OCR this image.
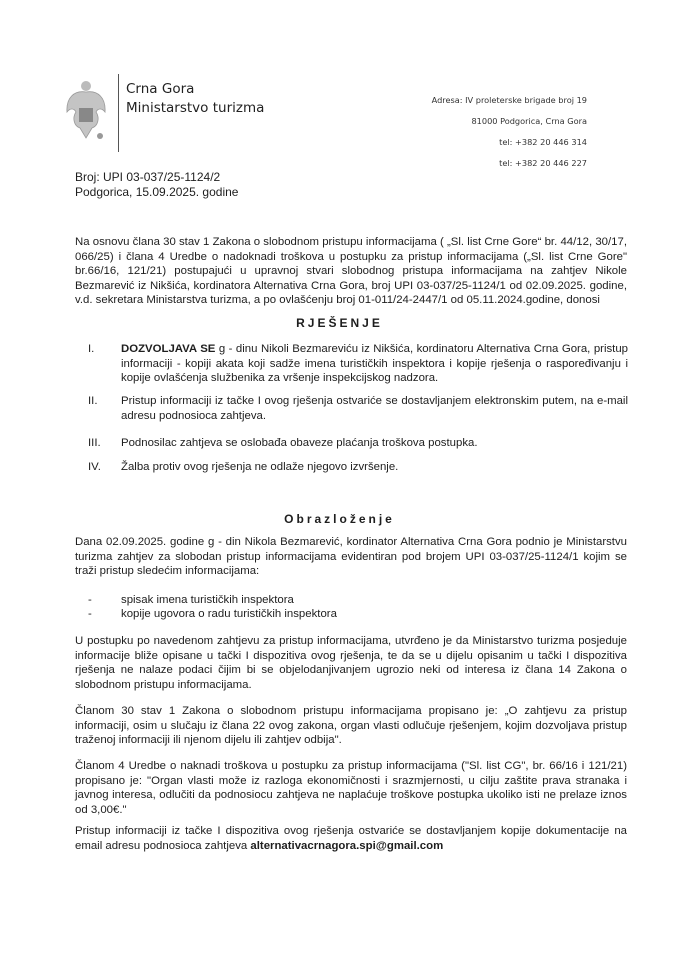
Crna Gora
Ministarstvo turizma	Adresa: IV proleterske brigade broj 19
81000 Podgorica, Crna Gora
tel: +382 20 446 314
tel: +382 20 446 227
Broj: UPI 03-037/25-1124/2
Podgorica, 15.09.2025. godine
Na osnovu člana 30 stav 1 Zakona o slobodnom pristupu informacijama ( „Sl. list Crne Gore“ br. 44/12, 30/17, 066/25) i člana 4 Uredbe o nadoknadi troškova u postupku za pristup informacijama („Sl. list Crne Gore" br.66/16, 121/21) postupajući u upravnoj stvari slobodnog pristupa informacijama na zahtjev Nikole Bezmarević iz Nikšića, kordinatora Alternativa Crna Gora, broj UPI 03-037/25-1124/1 od 02.09.2025. godine, v.d. sekretara Ministarstva turizma, a po ovlašćenju broj 01-011/24-2447/1 od 05.11.2024.godine, donosi
RJEŠENJE
I.	DOZVOLJAVA SE g - dinu Nikoli Bezmareviću iz Nikšića, kordinatoru Alternativa Crna Gora, pristup informaciji - kopiji akata koji sadže imena turističkih inspektora i kopije rješenja o raspoređivanju i kopije ovlašćenja službenika za vršenje inspekcijskog nadzora.
II.	Pristup informaciji iz tačke I ovog rješenja ostvariće se dostavljanjem elektronskim putem, na e-mail adresu podnosioca zahtjeva.
III.	Podnosilac zahtjeva se oslobađa obaveze plaćanja troškova postupka.
IV.	Žalba protiv ovog rješenja ne odlaže njegovo izvršenje.
Obrazloženje
Dana 02.09.2025. godine g - din Nikola Bezmarević, kordinator Alternativa Crna Gora podnio je Ministarstvu turizma zahtjev za slobodan pristup informacijama evidentiran pod brojem UPI 03-037/25-1124/1 kojim se traži pristup sledećim informacijama:
-	spisak imena turističkih inspektora
-	kopije ugovora o radu turističkih inspektora
U postupku po navedenom zahtjevu za pristup informacijama, utvrđeno je da Ministarstvo turizma posjeduje informacije bliže opisane u tački I dispozitiva ovog rješenja, te da se u dijelu opisanim u tački I dispozitiva rješenja ne nalaze podaci čijim bi se objelodanjivanjem ugrozio neki od interesa iz člana 14 Zakona o slobodnom pristupu informacijama.
Članom 30 stav 1 Zakona o slobodnom pristupu informacijama propisano je: „O zahtjevu za pristup informaciji, osim u slučaju iz člana 22 ovog zakona, organ vlasti odlučuje rješenjem, kojim dozvoljava pristup traženoj informaciji ili njenom dijelu ili zahtjev odbija".
Članom 4 Uredbe o naknadi troškova u postupku za pristup informacijama ("Sl. list CG", br. 66/16 i 121/21) propisano je: "Organ vlasti može iz razloga ekonomičnosti i srazmjernosti, u cilju zaštite prava stranaka i javnog interesa, odlučiti da podnosiocu zahtjeva ne naplaćuje troškove postupka ukoliko isti ne prelaze iznos od 3,00€."
Pristup informaciji iz tačke I dispozitiva ovog rješenja ostvariće se dostavljanjem kopije dokumentacije na email adresu podnosioca zahtjeva alternativacrnagora.spi@gmail.com
